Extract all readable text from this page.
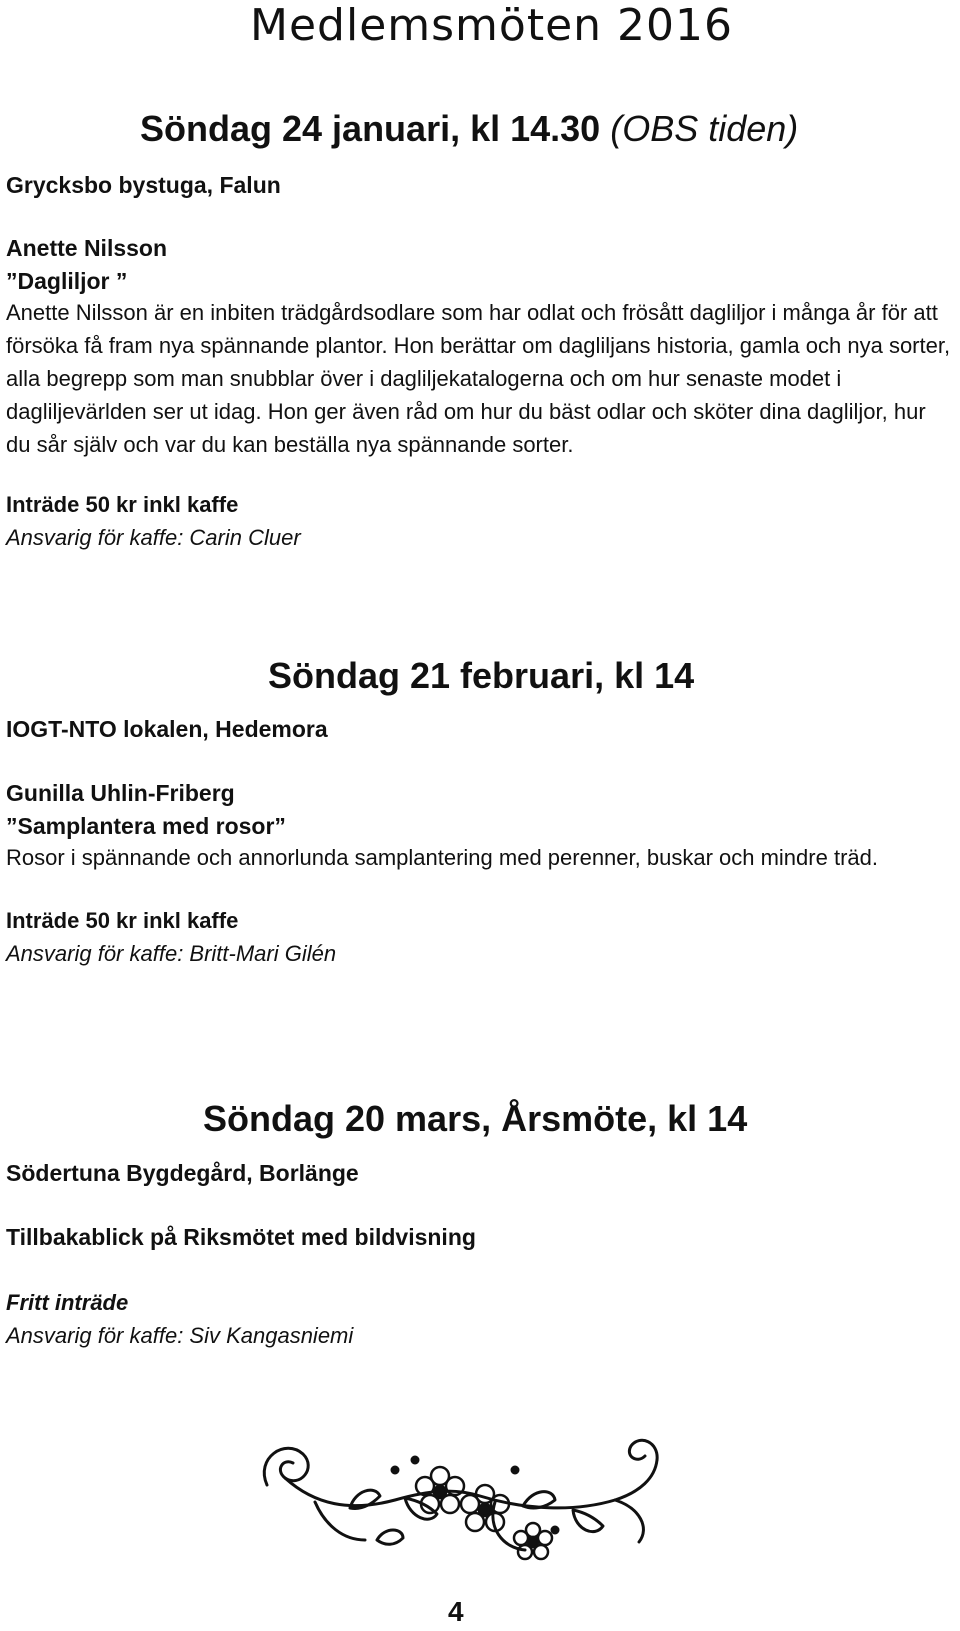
Medlemsmöten 2016
Söndag 24 januari, kl 14.30 (OBS tiden)
Grycksbo bystuga, Falun
Anette Nilsson
”Dagliljor ”
Anette Nilsson är en inbiten trädgårdsodlare som har odlat och frösått dagliljor i många år för att försöka få fram nya spännande plantor. Hon berättar om dagliljans historia, gamla och nya sorter, alla begrepp som man snubblar över i dagliljekatalogerna och om hur senaste modet i dagliljevärlden ser ut idag. Hon ger även råd om hur du bäst odlar och sköter dina dagliljor, hur du sår själv och var du kan beställa nya spännande sorter.
Inträde 50 kr inkl kaffe
Ansvarig för kaffe: Carin Cluer
Söndag 21 februari, kl 14
IOGT-NTO lokalen, Hedemora
Gunilla Uhlin-Friberg
”Samplantera med rosor”
Rosor i spännande och annorlunda samplantering med perenner, buskar och mindre träd.
Inträde 50 kr inkl kaffe
Ansvarig för kaffe: Britt-Mari Gilén
Söndag 20 mars, Årsmöte, kl 14
Södertuna Bygdegård, Borlänge
Tillbakablick på Riksmötet med bildvisning
Fritt inträde
Ansvarig för kaffe: Siv Kangasniemi
4
